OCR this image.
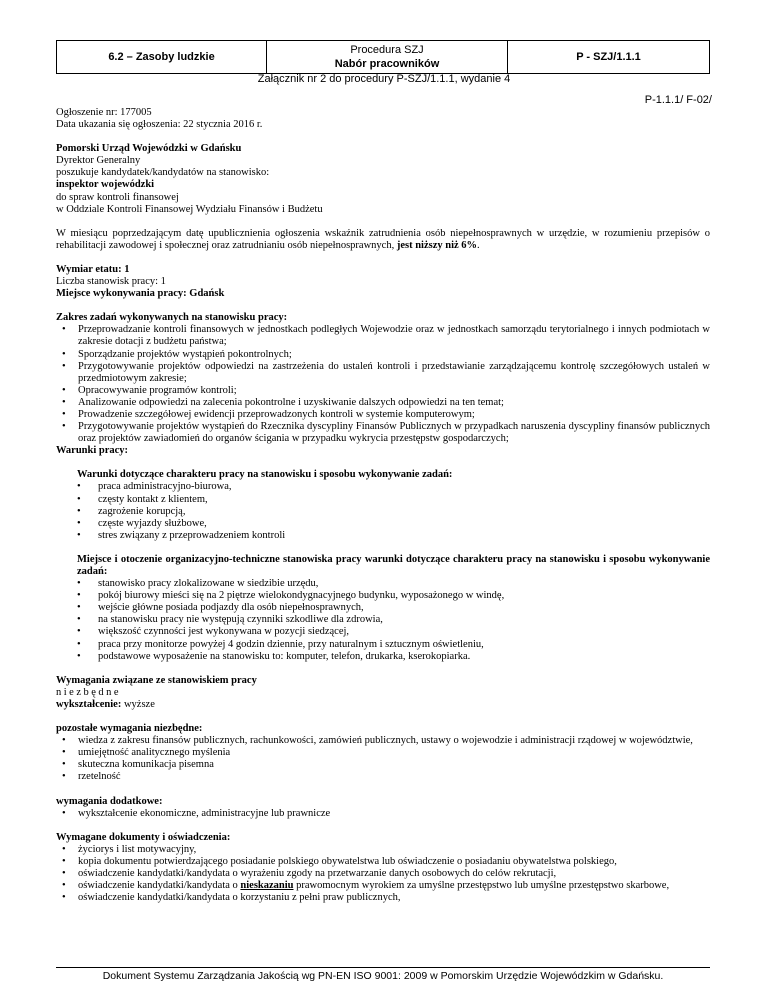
6.2 – Zasoby ludzkie	
Procedura SZJ
Nabór pracowników
	P - SZJ/1.1.1
Załącznik nr 2 do procedury P-SZJ/1.1.1, wydanie 4
P-1.1.1/ F-02/

Ogłoszenie nr: 177005

Data ukazania się ogłoszenia: 22 stycznia 2016 r.

Pomorski Urząd Wojewódzki w Gdańsku

Dyrektor Generalny

poszukuje kandydatek/kandydatów na stanowisko:

inspektor wojewódzki

do spraw kontroli finansowej

w Oddziale Kontroli Finansowej Wydziału Finansów i Budżetu

W miesiącu poprzedzającym datę upublicznienia ogłoszenia wskaźnik zatrudnienia osób niepełnosprawnych w urzędzie, w rozumieniu przepisów o rehabilitacji zawodowej i społecznej oraz zatrudnianiu osób niepełnosprawnych, jest niższy niż 6%.

Wymiar etatu: 1

Liczba stanowisk pracy: 1

Miejsce wykonywania pracy: Gdańsk

Zakres zadań wykonywanych na stanowisku pracy:

• Przeprowadzanie kontroli finansowych w jednostkach podległych Wojewodzie oraz w jednostkach samorządu terytorialnego i innych podmiotach w zakresie dotacji z budżetu państwa;
• Sporządzanie projektów wystąpień pokontrolnych;
• Przygotowywanie projektów odpowiedzi na zastrzeżenia do ustaleń kontroli i przedstawianie zarządzającemu kontrolę szczegółowych ustaleń w przedmiotowym zakresie;
• Opracowywanie programów kontroli;
• Analizowanie odpowiedzi na zalecenia pokontrolne i uzyskiwanie dalszych odpowiedzi na ten temat;
• Prowadzenie szczegółowej ewidencji przeprowadzonych kontroli w systemie komputerowym;
• Przygotowywanie projektów wystąpień do Rzecznika dyscypliny Finansów Publicznych w przypadkach naruszenia dyscypliny finansów publicznych oraz projektów zawiadomień do organów ścigania w przypadku wykrycia przestępstw gospodarczych;

Warunki pracy:

Warunki dotyczące charakteru pracy na stanowisku i sposobu wykonywanie zadań:

• praca administracyjno-biurowa,
• częsty kontakt z klientem,
• zagrożenie korupcją,
• częste wyjazdy służbowe,
• stres związany z przeprowadzeniem kontroli

Miejsce i otoczenie organizacyjno-techniczne stanowiska pracy warunki dotyczące charakteru pracy na stanowisku i sposobu wykonywanie zadań:

• stanowisko pracy zlokalizowane w siedzibie urzędu,
• pokój biurowy mieści się na 2 piętrze wielokondygnacyjnego budynku, wyposażonego w windę,
• wejście główne posiada podjazdy dla osób niepełnosprawnych,
• na stanowisku pracy nie występują czynniki szkodliwe dla zdrowia,
• większość czynności jest wykonywana w pozycji siedzącej,
• praca przy monitorze powyżej 4 godzin dziennie, przy naturalnym i sztucznym oświetleniu,
• podstawowe wyposażenie na stanowisku to: komputer, telefon, drukarka, kserokopiarka.

Wymagania związane ze stanowiskiem pracy

niezbędne

wykształcenie: wyższe

pozostałe wymagania niezbędne:

• wiedza z zakresu finansów publicznych, rachunkowości, zamówień publicznych, ustawy o wojewodzie i administracji rządowej w województwie,
• umiejętność analitycznego myślenia
• skuteczna komunikacja pisemna
• rzetelność

wymagania dodatkowe:

• wykształcenie ekonomiczne, administracyjne lub prawnicze

Wymagane dokumenty i oświadczenia:

• życiorys i list motywacyjny,
• kopia dokumentu potwierdzającego posiadanie polskiego obywatelstwa lub oświadczenie o posiadaniu obywatelstwa polskiego,
• oświadczenie kandydatki/kandydata o wyrażeniu zgody na przetwarzanie danych osobowych do celów rekrutacji,
• oświadczenie kandydatki/kandydata o nieskazaniu prawomocnym wyrokiem za umyślne przestępstwo lub umyślne przestępstwo skarbowe,
• oświadczenie kandydatki/kandydata o korzystaniu z pełni praw publicznych,
Dokument Systemu Zarządzania Jakością wg PN-EN ISO 9001: 2009 w Pomorskim Urzędzie Wojewódzkim w Gdańsku.
